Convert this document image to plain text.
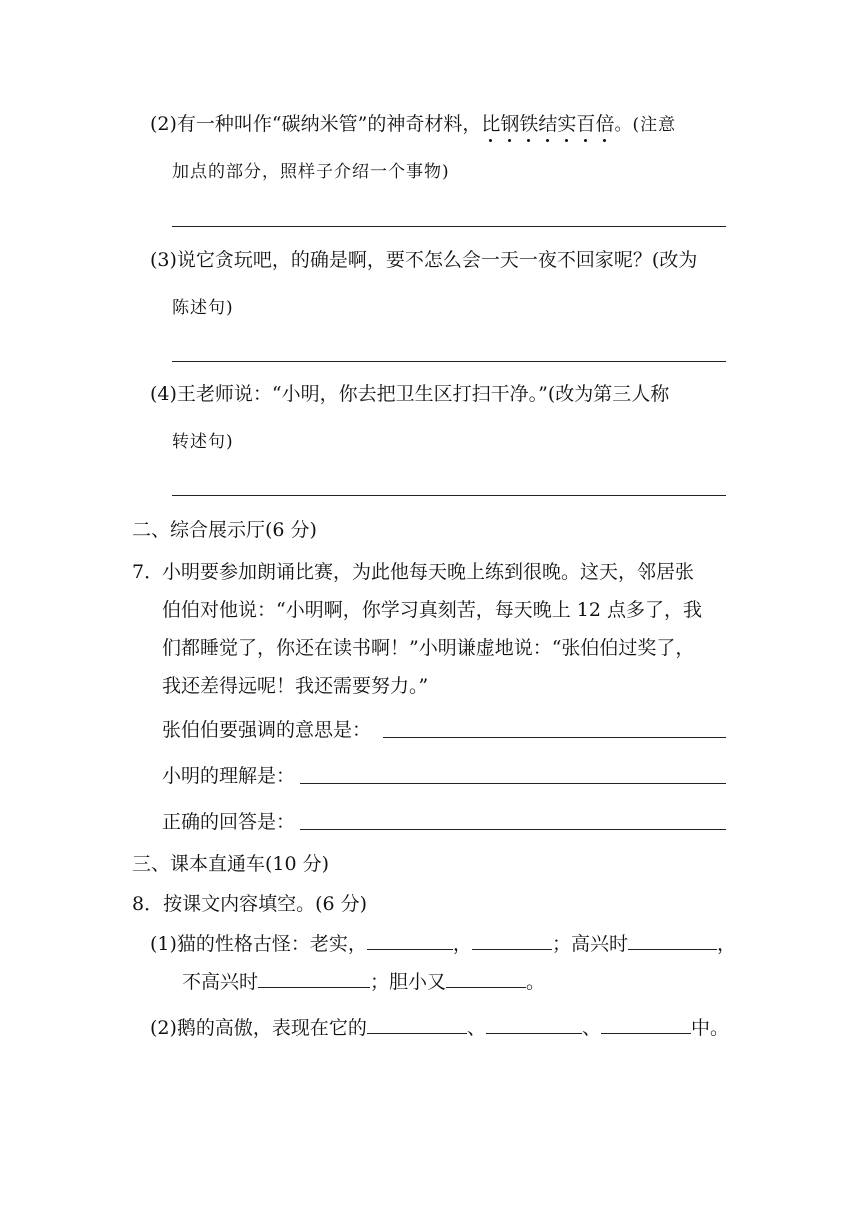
(2)有一种叫作“碳纳米管”的神奇材料，比钢铁结实百倍。(注意
加点的部分，照样子介绍一个事物)
(3)说它贪玩吧，的确是啊，要不怎么会一天一夜不回家呢？(改为
陈述句)
(4)王老师说：“小明，你去把卫生区打扫干净。”(改为第三人称
转述句)
二、综合展示厅(6 分)
7．
小明要参加朗诵比赛，为此他每天晚上练到很晚。这天，邻居张
伯伯对他说：“小明啊，你学习真刻苦，每天晚上 12 点多了，我
们都睡觉了，你还在读书啊！”小明谦虚地说：“张伯伯过奖了，
我还差得远呢！我还需要努力。”
张伯伯要强调的意思是：
小明的理解是：
正确的回答是：
三、课本直通车(10 分)
8．按课文内容填空。(6 分)
(1)猫的性格古怪：老实，	，	；高兴时	，
不高兴时	；胆小又	。
(2)鹅的高傲，表现在它的	、	、	中。
